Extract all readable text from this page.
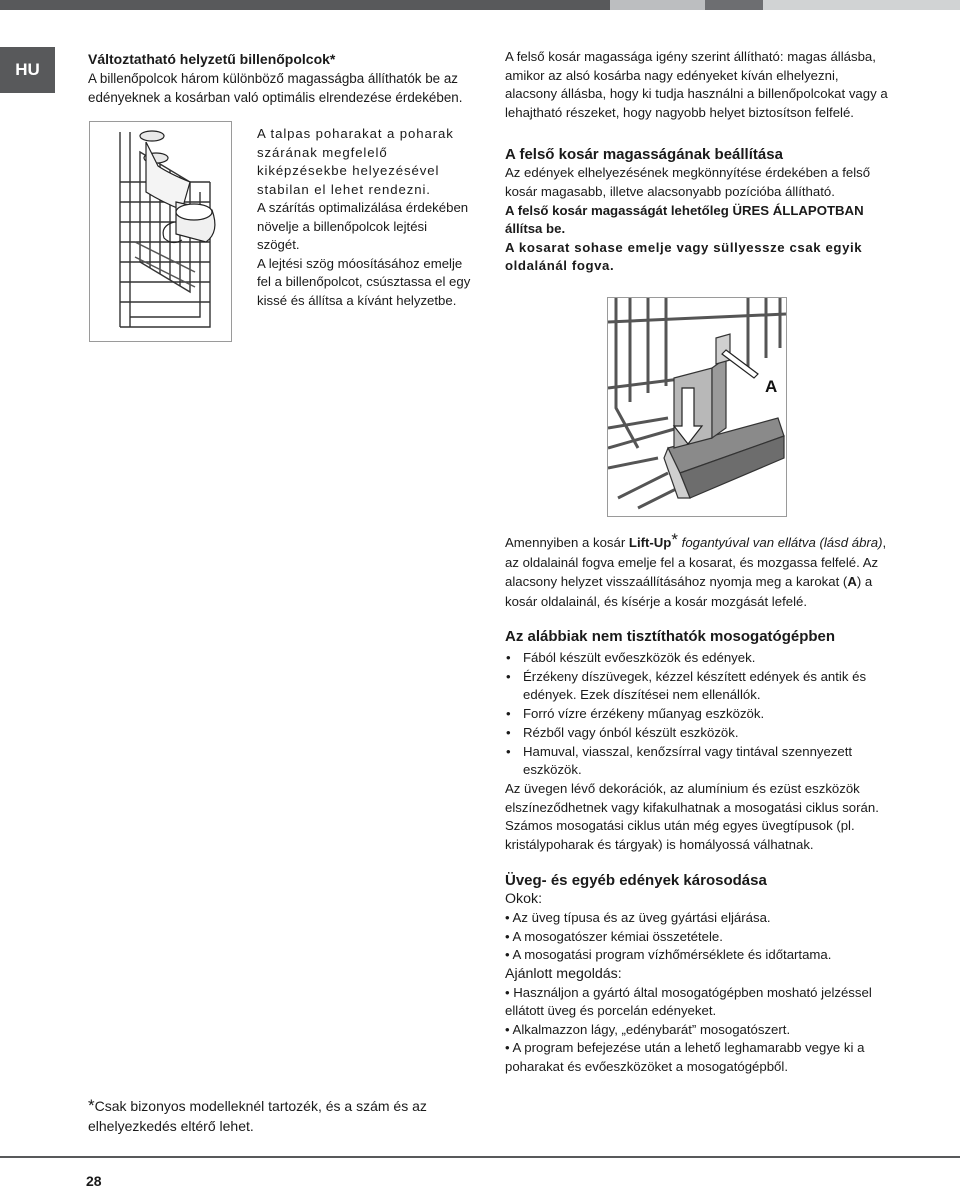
HU

Változtatható helyzetű billenőpolcok*

A billenőpolcok három különböző magasságba állíthatók be az edényeknek a kosárban való optimális elrendezése érdekében.

A talpas poharakat a poharak szárának megfelelő kiképzésekbe helyezésével stabilan el lehet rendezni.

A szárítás optimalizálása érdekében növelje a billenőpolcok lejtési szögét.

A lejtési szög móosításához emelje fel a billenőpolcot, csúsztassa el egy kissé és állítsa a kívánt helyzetbe.

A felső kosár magassága igény szerint állítható: magas állásba, amikor az alsó kosárba nagy edényeket kíván elhelyezni, alacsony állásba, hogy ki tudja használni a billenőpolcokat vagy a lehajtható részeket, hogy nagyobb helyet biztosítson felfelé.

A felső kosár magasságának beállítása

Az edények elhelyezésének megkönnyítése érdekében a felső kosár magasabb, illetve alacsonyabb pozícióba állítható.

A felső kosár magasságát lehetőleg ÜRES ÁLLAPOTBAN állítsa be.

A kosarat sohase emelje vagy süllyessze csak egyik oldalánál fogva.

A
Amennyiben a kosár Lift-Up* fogantyúval van ellátva (lásd ábra), az oldalainál fogva emelje fel a kosarat, és mozgassa felfelé. Az alacsony helyzet visszaállításához nyomja meg a karokat (A) a kosár oldalainál, és kísérje a kosár mozgását lefelé.
Az alábbiak nem tisztíthatók mosogatógépben
• Fából készült evőeszközök és edények.
• Érzékeny díszüvegek, kézzel készített edények és antik és edények. Ezek díszítései nem ellenállók.
• Forró vízre érzékeny műanyag eszközök.
• Rézből vagy ónból készült eszközök.
• Hamuval, viasszal, kenőzsírral vagy tintával szennyezett eszközök.

Az üvegen lévő dekorációk, az alumínium és ezüst eszközök elszíneződhetnek vagy kifakulhatnak a mosogatási ciklus során. Számos mosogatási ciklus után még egyes üvegtípusok (pl. kristálypoharak és tárgyak) is homályossá válhatnak.

Üveg- és egyéb edények károsodása

Okok:

• Az üveg típusa és az üveg gyártási eljárása.

• A mosogatószer kémiai összetétele.

• A mosogatási program vízhőmérséklete és időtartama.

Ajánlott megoldás:

• Használjon a gyártó által mosogatógépben mosható jelzéssel ellátott üveg és porcelán edényeket.

• Alkalmazzon lágy, „edénybarát” mosogatószert.

• A program befejezése után a lehető leghamarabb vegye ki a poharakat és evőeszközöket a mosogatógépből.

*Csak bizonyos modelleknél tartozék, és a szám és az elhelyezkedés eltérő lehet.
28
